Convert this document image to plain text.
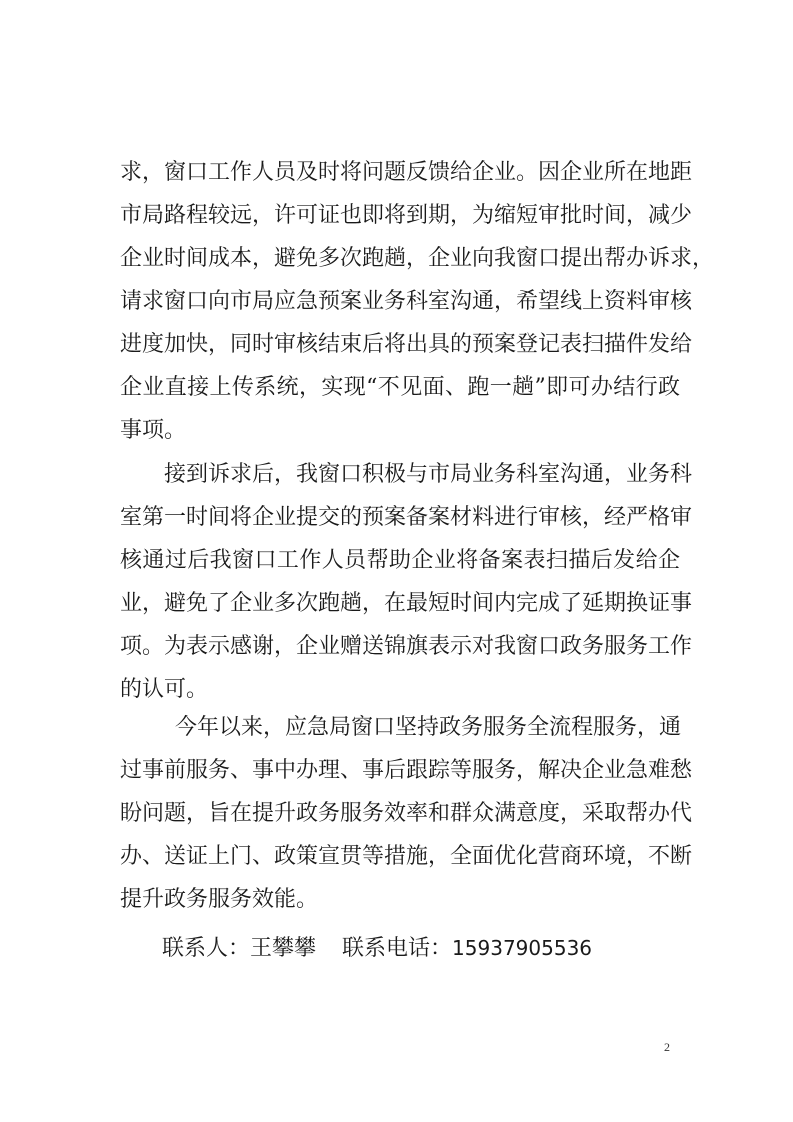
求，窗口工作人员及时将问题反馈给企业。因企业所在地距
市局路程较远，许可证也即将到期，为缩短审批时间，减少
企业时间成本，避免多次跑趟，企业向我窗口提出帮办诉求，
请求窗口向市局应急预案业务科室沟通，希望线上资料审核
进度加快，同时审核结束后将出具的预案登记表扫描件发给
企业直接上传系统，实现“不见面、跑一趟”即可办结行政
事项。
接到诉求后，我窗口积极与市局业务科室沟通，业务科
室第一时间将企业提交的预案备案材料进行审核，经严格审
核通过后我窗口工作人员帮助企业将备案表扫描后发给企
业，避免了企业多次跑趟，在最短时间内完成了延期换证事
项。为表示感谢，企业赠送锦旗表示对我窗口政务服务工作
的认可。
今年以来，应急局窗口坚持政务服务全流程服务，通
过事前服务、事中办理、事后跟踪等服务，解决企业急难愁
盼问题，旨在提升政务服务效率和群众满意度，采取帮办代
办、送证上门、政策宣贯等措施，全面优化营商环境，不断
提升政务服务效能。
联系人：王攀攀 联系电话：15937905536
2
